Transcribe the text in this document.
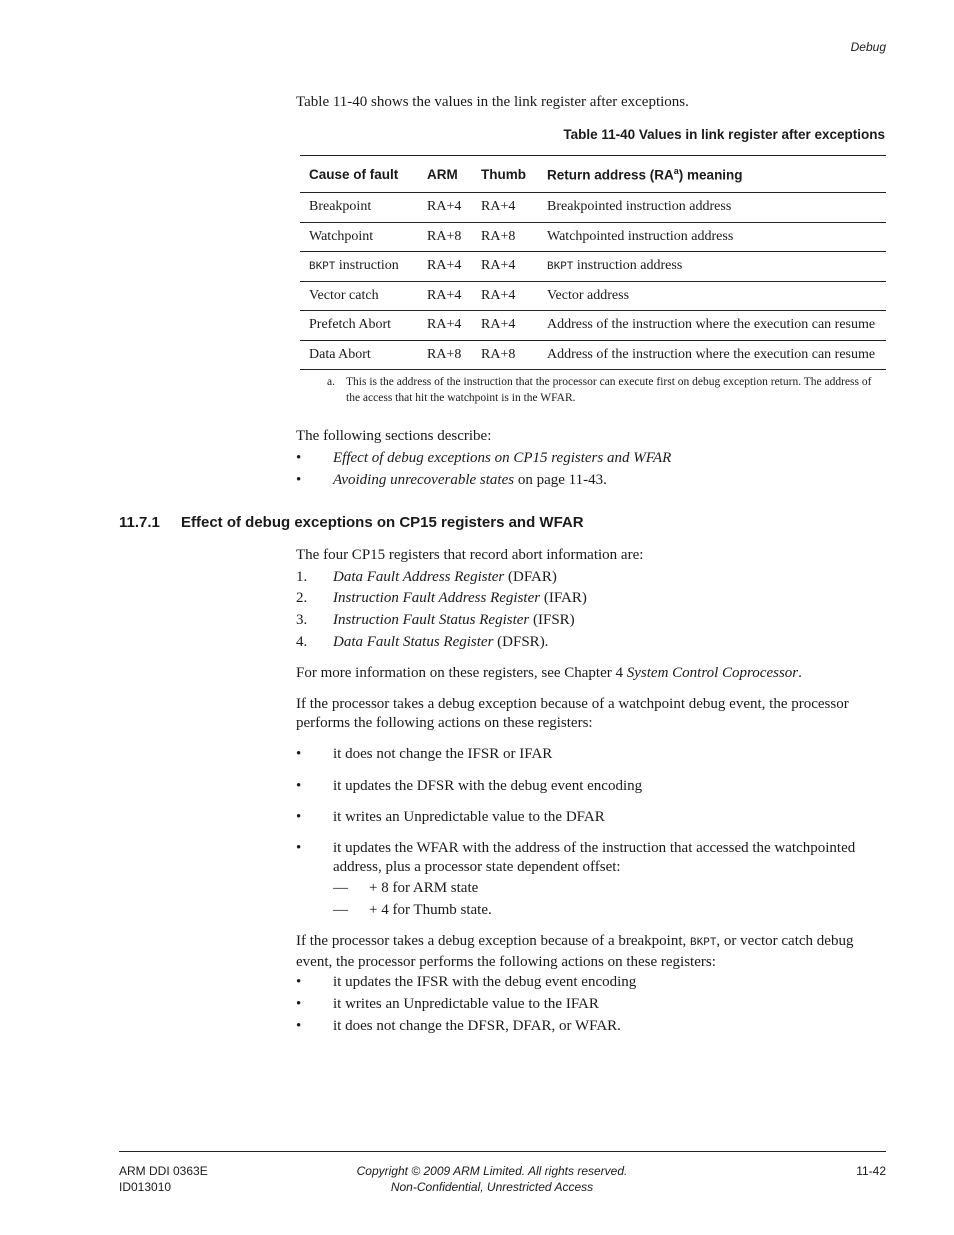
Debug
Table 11-40 shows the values in the link register after exceptions.
Table 11-40 Values in link register after exceptions
Cause of fault	ARM	Thumb	Return address $(RA^a)$ meaning
Breakpoint	RA+4	RA+4	Breakpointed instruction address
Watchpoint	RA+8	RA+8	Watchpointed instruction address
BKPT instruction	RA+4	RA+4	BKPT instruction address
Vector catch	RA+4	RA+4	Vector address
Prefetch Abort	RA+4	RA+4	Address of the instruction where the execution can resume
Data Abort	RA+8	RA+8	Address of the instruction where the execution can resume
a. This is the address of the instruction that the processor can execute first on debug exception return. The address of the access that hit the watchpoint is in the WFAR.
The following sections describe:
• Effect of debug exceptions on CP15 registers and WFAR
• Avoiding unrecoverable states on page 11-43.
11.7.1 Effect of debug exceptions on CP15 registers and WFAR
The four CP15 registers that record abort information are:
1. Data Fault Address Register (DFAR)
2. Instruction Fault Address Register (IFAR)
3. Instruction Fault Status Register (IFSR)
4. Data Fault Status Register (DFSR).
For more information on these registers, see Chapter 4 System Control Coprocessor.
If the processor takes a debug exception because of a watchpoint debug event, the processor performs the following actions on these registers:
• it does not change the IFSR or IFAR
• it updates the DFSR with the debug event encoding
• it writes an Unpredictable value to the DFAR
• it updates the WFAR with the address of the instruction that accessed the watchpointed address, plus a processor state dependent offset:
— + 8 for ARM state
— + 4 for Thumb state.
If the processor takes a debug exception because of a breakpoint, BKPT, or vector catch debug event, the processor performs the following actions on these registers:
• it updates the IFSR with the debug event encoding
• it writes an Unpredictable value to the IFAR
• it does not change the DFSR, DFAR, or WFAR.
ARM DDI 0363E
ID013010
Copyright © 2009 ARM Limited. All rights reserved.
Non-Confidential, Unrestricted Access
11-42
